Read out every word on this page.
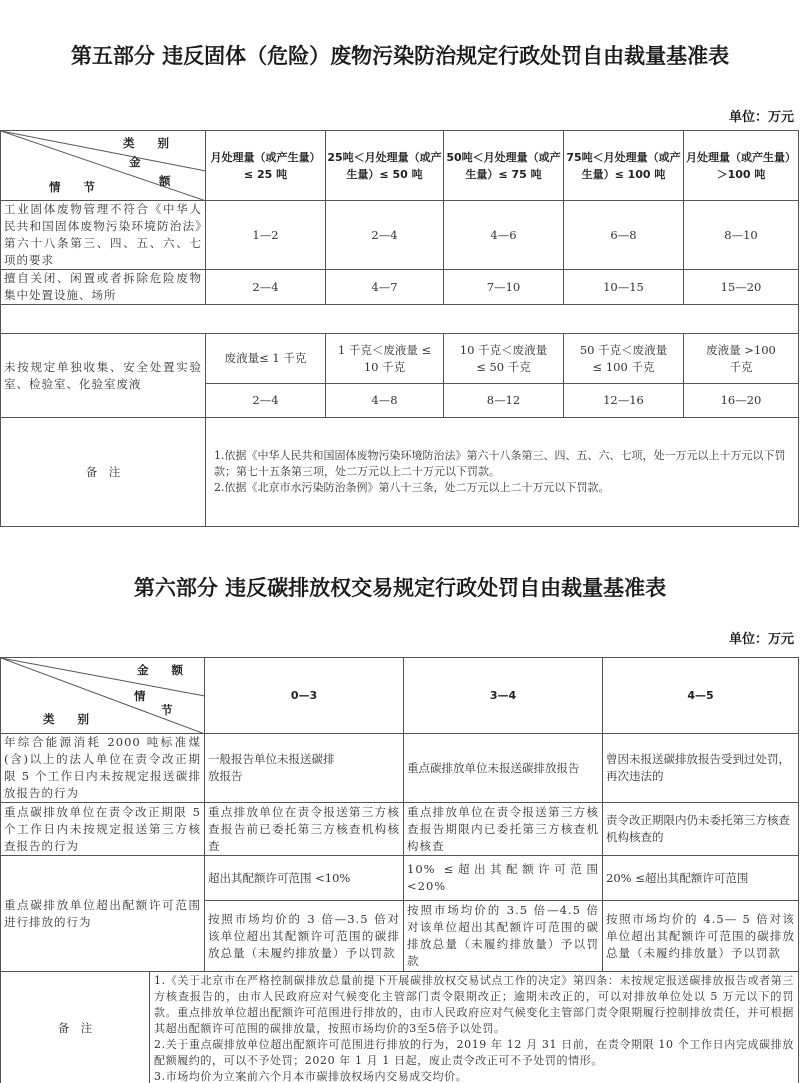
第五部分 违反固体（危险）废物污染防治规定行政处罚自由裁量基准表
单位：万元
类　　别
金
额
情　　节	月处理量（或产生量）≤ 25 吨	25吨＜月处理量（或产生量）≤ 50 吨	50吨＜月处理量（或产生量）≤ 75 吨	75吨＜月处理量（或产生量）≤ 100 吨	月处理量（或产生量）＞100 吨
工业固体废物管理不符合《中华人民共和国固体废物污染环境防治法》第六十八条第三、四、五、六、七项的要求	1—2	2—4	4—6	6—8	8—10
擅自关闭、闲置或者拆除危险废物集中处置设施、场所	2—4	4—7	7—10	10—15	15—20

未按规定单独收集、安全处置实验室、检验室、化验室废液	废液量≤ 1 千克	1 千克＜废液量 ≤ 10 千克	10 千克＜废液量 ≤ 50 千克	50 千克＜废液量 ≤ 100 千克	废液量 >100 千克
	2—4	4—8	8—12	12—16	16—20
备　注	1.依据《中华人民共和国固体废物污染环境防治法》第六十八条第三、四、五、六、七项，处一万元以上十万元以下罚款；第七十五条第三项，处二万元以上二十万元以下罚款。
2.依据《北京市水污染防治条例》第八十三条，处二万元以上二十万元以下罚款。				
第六部分 违反碳排放权交易规定行政处罚自由裁量基准表
单位：万元
金　　额
情
节
类　　别		0—3	3—4	4—5
年综合能源消耗 2000 吨标准煤(含)以上的法人单位在责令改正期限 5 个工作日内未按规定报送碳排放报告的行为		一般报告单位未报送碳排放报告	重点碳排放单位未报送碳排放报告	曾因未报送碳排放报告受到过处罚，再次违法的
重点碳排放单位在责令改正期限 5 个工作日内未按规定报送第三方核查报告的行为		重点排放单位在责令报送第三方核查报告前已委托第三方核查机构核查	重点排放单位在责令报送第三方核查报告期限内已委托第三方核查机构核查	责令改正期限内仍未委托第三方核查机构核查的
重点碳排放单位超出配额许可范围进行排放的行为		超出其配额许可范围 <10%	10% ≤超出其配额许可范围 <20%	20% ≤超出其配额许可范围
		按照市场均价的 3 倍—3.5 倍对该单位超出其配额许可范围的碳排放总量（未履约排放量）予以罚款	按照市场均价的 3.5 倍—4.5 倍对该单位超出其配额许可范围的碳排放总量（未履约排放量）予以罚款	按照市场均价的 4.5— 5 倍对该单位超出其配额许可范围的碳排放总量（未履约排放量）予以罚款
备　注	1.《关于北京市在严格控制碳排放总量前提下开展碳排放权交易试点工作的决定》第四条：未按规定报送碳排放报告或者第三方核查报告的，由市人民政府应对气候变化主管部门责令限期改正；逾期未改正的，可以对排放单位处以 5 万元以下的罚款。重点排放单位超出配额许可范围进行排放的，由市人民政府应对气候变化主管部门责令限期履行控制排放责任，并可根据其超出配额许可范围的碳排放量，按照市场均价的3至5倍予以处罚。
2.关于重点碳排放单位超出配额许可范围进行排放的行为，2019 年 12 月 31 日前，在责令期限 10 个工作日内完成碳排放配额履约的，可以不予处罚；2020 年 1 月 1 日起，废止责令改正可不予处罚的情形。
3.市场均价为立案前六个月本市碳排放权场内交易成交均价。			
